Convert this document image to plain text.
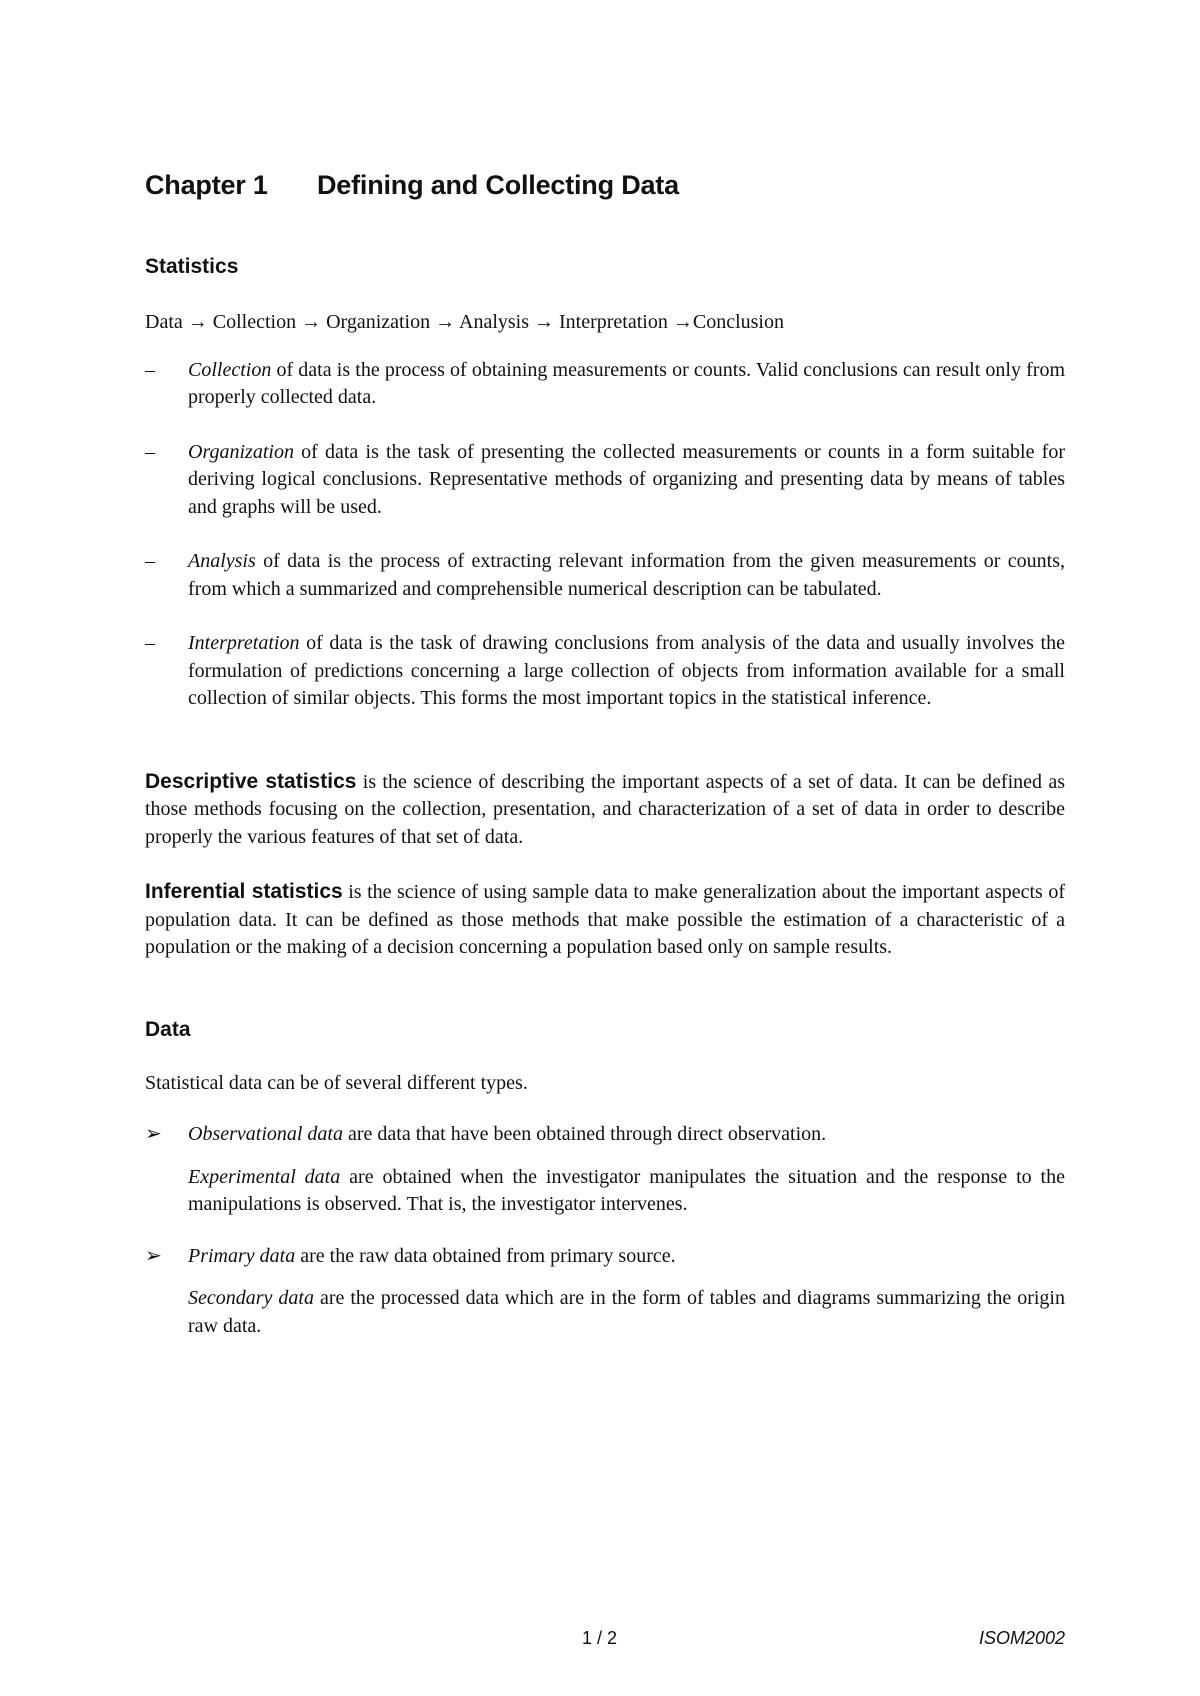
Chapter 1 Defining and Collecting Data
Statistics

Data → Collection → Organization → Analysis → Interpretation →Conclusion

– Collection of data is the process of obtaining measurements or counts. Valid conclusions can result only from properly collected data.
– Organization of data is the task of presenting the collected measurements or counts in a form suitable for deriving logical conclusions. Representative methods of organizing and presenting data by means of tables and graphs will be used.
– Analysis of data is the process of extracting relevant information from the given measurements or counts, from which a summarized and comprehensible numerical description can be tabulated.
– Interpretation of data is the task of drawing conclusions from analysis of the data and usually involves the formulation of predictions concerning a large collection of objects from information available for a small collection of similar objects. This forms the most important topics in the statistical inference.

Descriptive statistics is the science of describing the important aspects of a set of data. It can be defined as those methods focusing on the collection, presentation, and characterization of a set of data in order to describe properly the various features of that set of data.

Inferential statistics is the science of using sample data to make generalization about the important aspects of population data. It can be defined as those methods that make possible the estimation of a characteristic of a population or the making of a decision concerning a population based only on sample results.

Data

Statistical data can be of several different types.

➢ Observational data are data that have been obtained through direct observation.

Experimental data are obtained when the investigator manipulates the situation and the response to the manipulations is observed. That is, the investigator intervenes.

➢ Primary data are the raw data obtained from primary source.

Secondary data are the processed data which are in the form of tables and diagrams summarizing the origin raw data.

1 / 2	ISOM2002
